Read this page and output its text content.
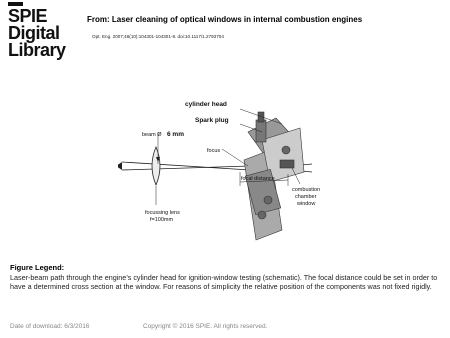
SPIE
Digital
Library
From: Laser cleaning of optical windows in internal combustion engines
Opt. Eng. 2007;46(10):104301-104301-8. doi:10.1117/1.2793704
cylinder head
Spark plug
beam Ø 6 mm
focus
focal distance
combustion
chamber
window
focussing lens
f=100mm
Figure Legend:
Laser-beam path through the engine’s cylinder head for ignition-window testing (schematic). The focal distance could be set in order to have a determined cross section at the window. For reasons of simplicity the relative position of the components was not fixed rigidly.
Date of download: 6/3/2016	Copyright © 2016 SPIE. All rights reserved.
